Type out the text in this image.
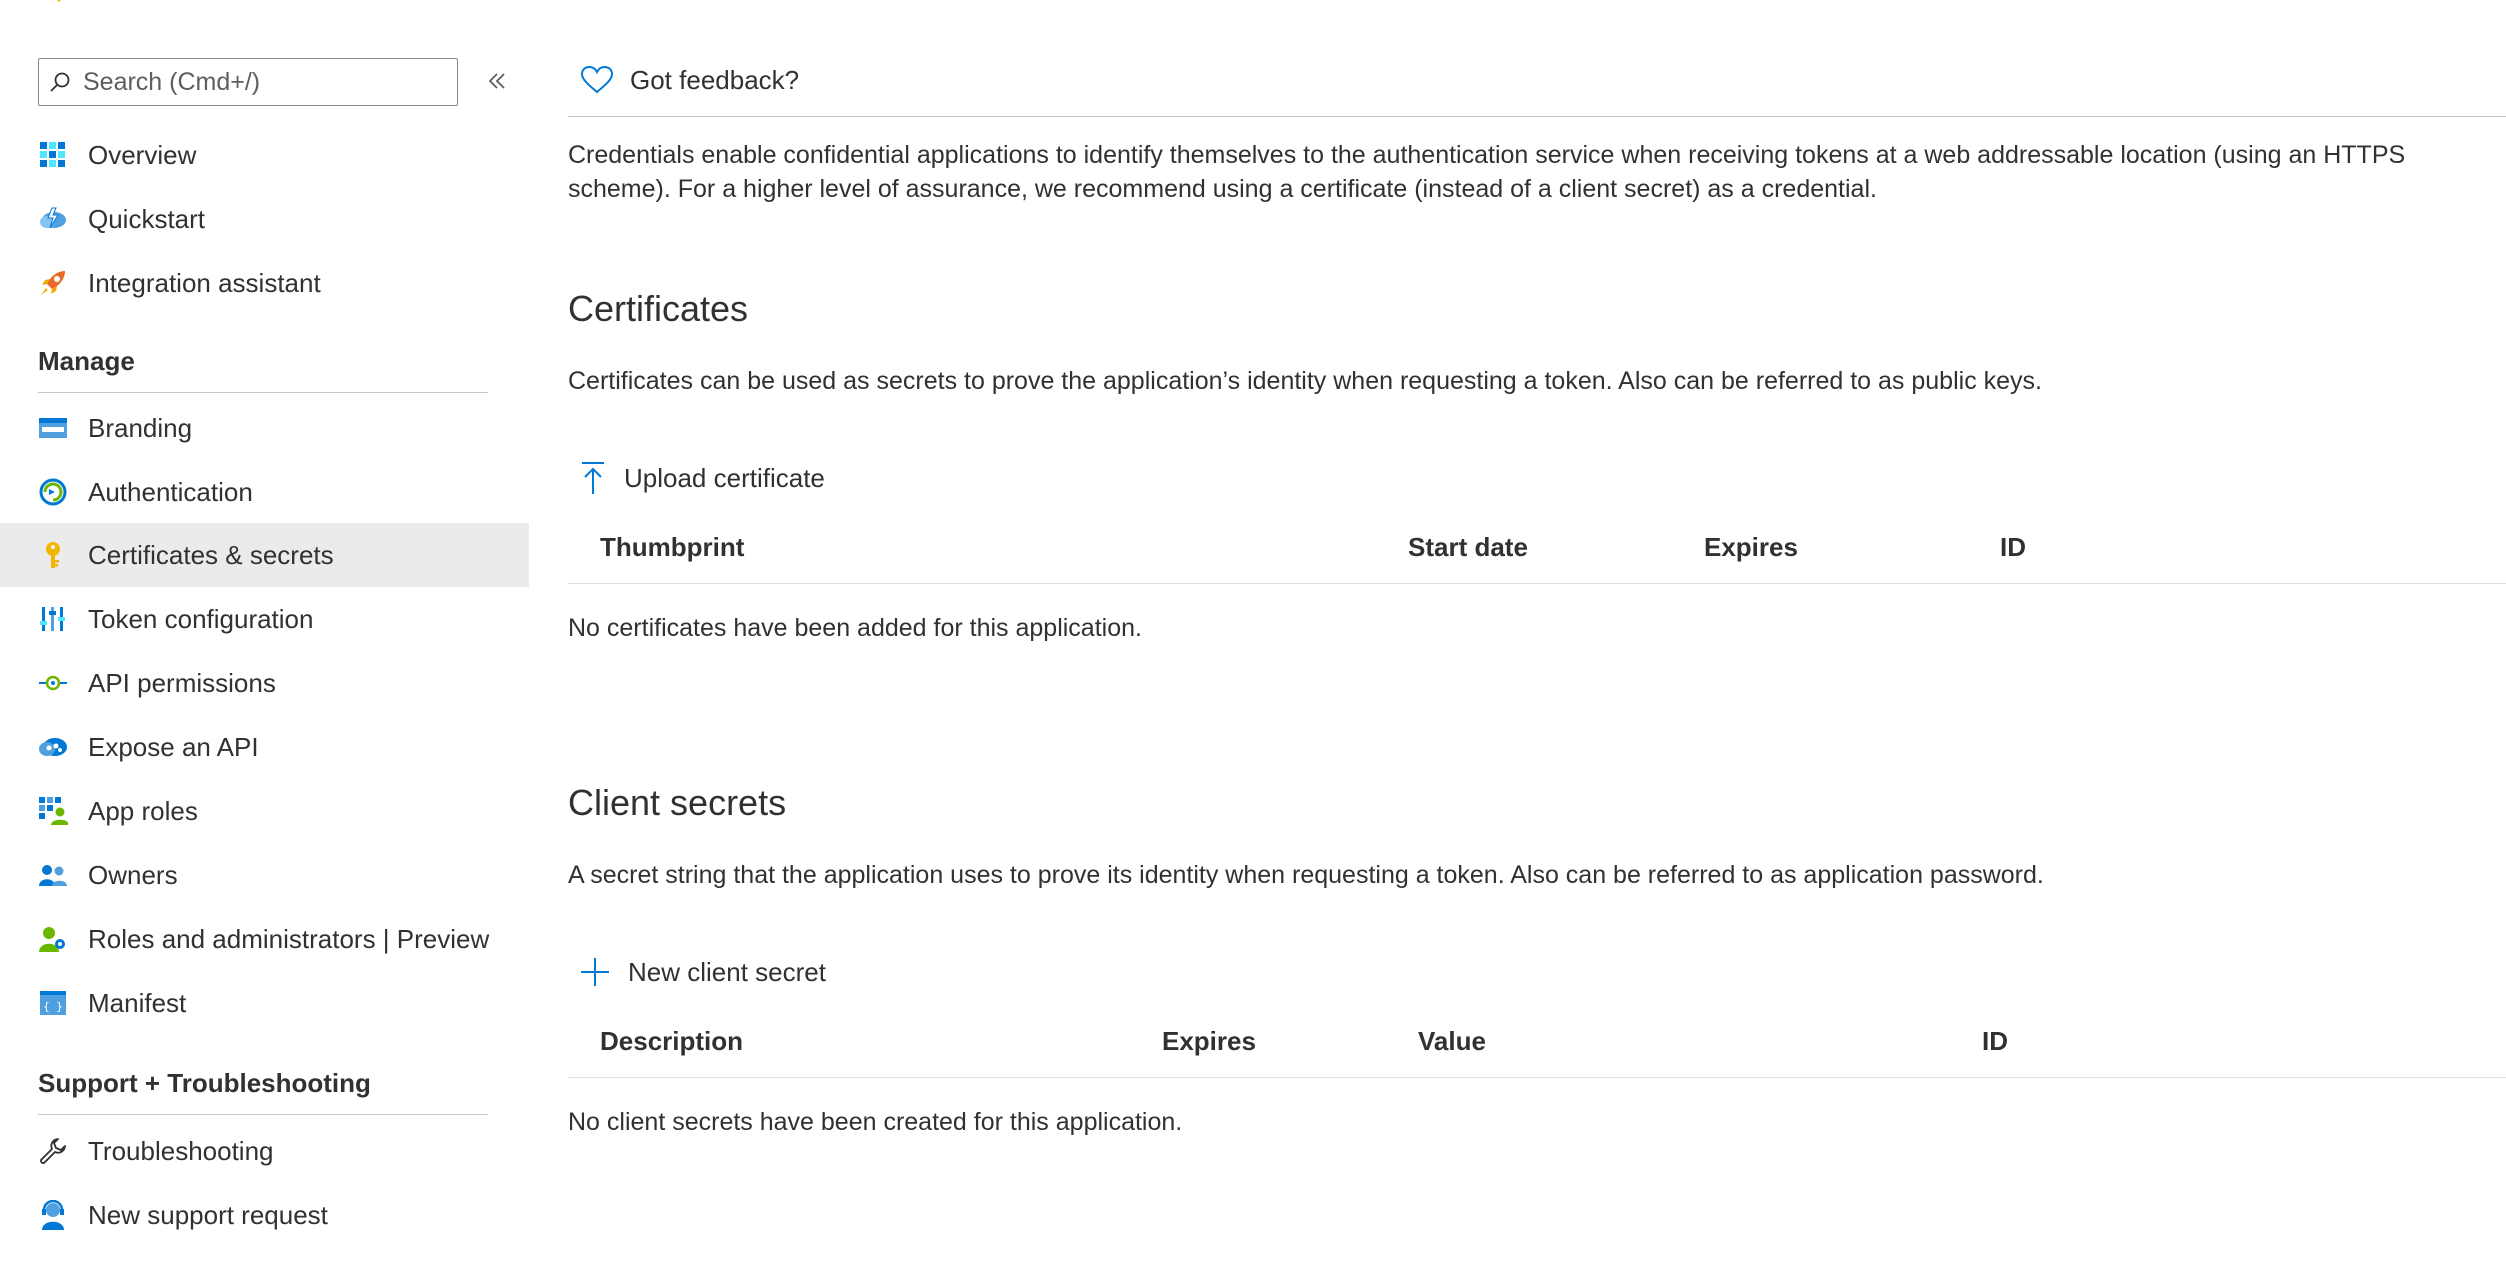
Search (Cmd+/)
Overview
Quickstart
Integration assistant
Manage
Branding
Authentication
Certificates & secrets
Token configuration
API permissions
Expose an API
App roles
Owners
Roles and administrators | Preview
{ } Manifest
Support + Troubleshooting
Troubleshooting
New support request
Got feedback?
Credentials enable confidential applications to identify themselves to the authentication service when receiving tokens at a web addressable location (using an HTTPS scheme). For a higher level of assurance, we recommend using a certificate (instead of a client secret) as a credential.
Certificates
Certificates can be used as secrets to prove the application’s identity when requesting a token. Also can be referred to as public keys.
Upload certificate
Thumbprint	Start date	Expires	ID
No certificates have been added for this application.
Client secrets
A secret string that the application uses to prove its identity when requesting a token. Also can be referred to as application password.
New client secret
Description	Expires	Value	ID
No client secrets have been created for this application.
